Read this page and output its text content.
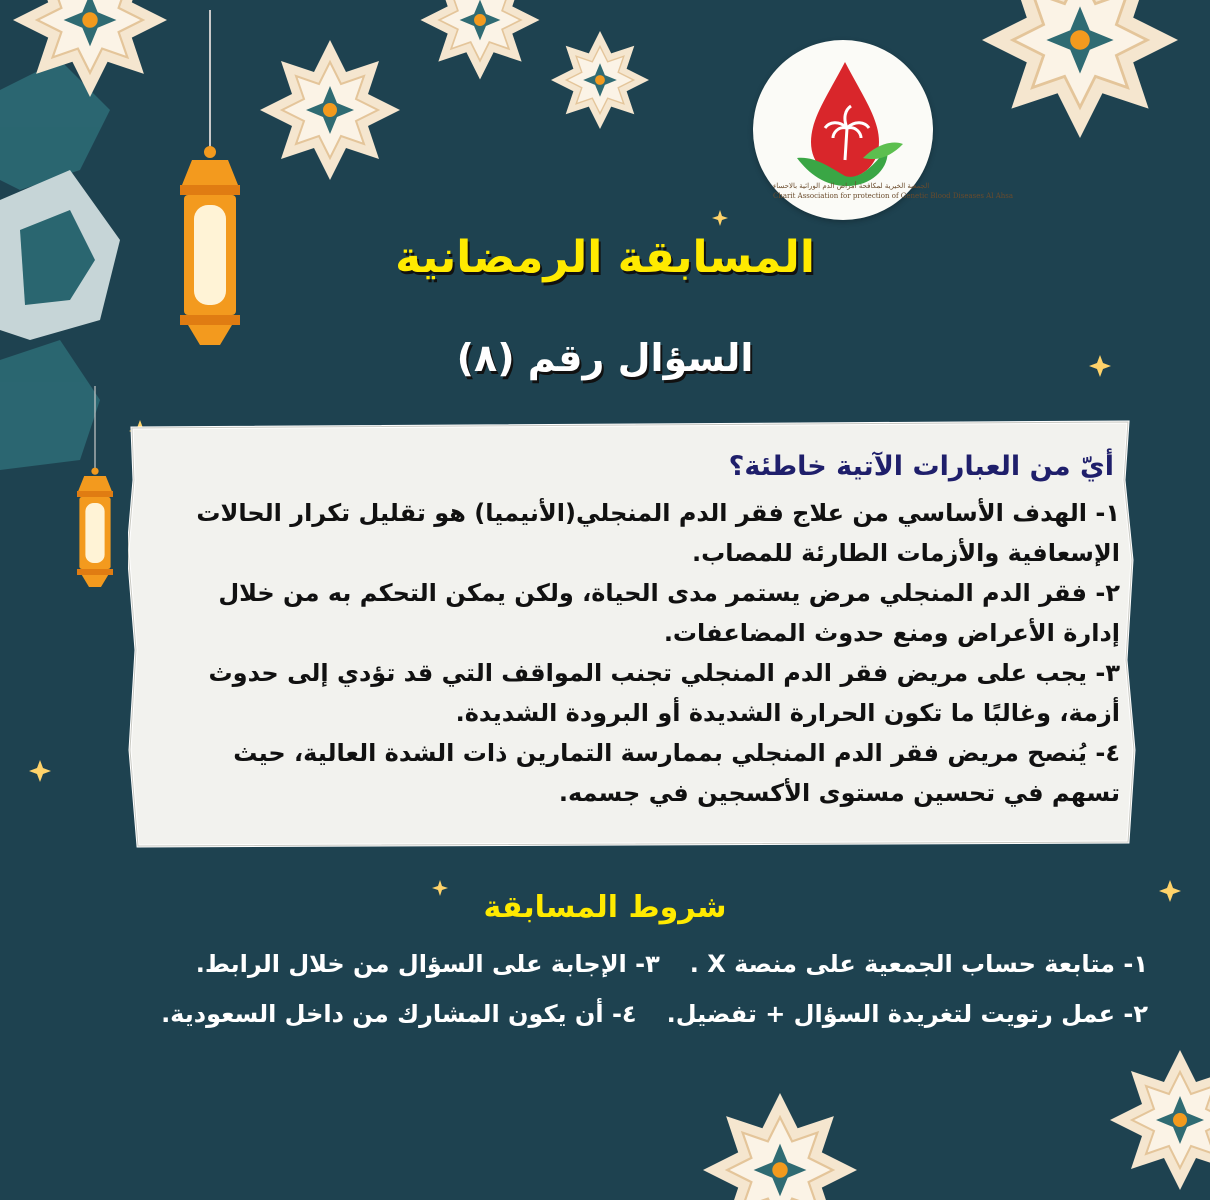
الجمعية الخيرية لمكافحة أمراض الدم الوراثية بالاحساء
Charit Association for protection of Genetic Blood Diseases Al Ahsa
المسابقة الرمضانية
السؤال رقم (٨)
أيّ من العبارات الآتية خاطئة؟
١- الهدف الأساسي من علاج فقر الدم المنجلي(الأنيميا) هو تقليل تكرار الحالات الإسعافية والأزمات الطارئة للمصاب.
٢- فقر الدم المنجلي مرض يستمر مدى الحياة، ولكن يمكن التحكم به من خلال إدارة الأعراض ومنع حدوث المضاعفات.
٣- يجب على مريض فقر الدم المنجلي تجنب المواقف التي قد تؤدي إلى حدوث أزمة، وغالبًا ما تكون الحرارة الشديدة أو البرودة الشديدة.
٤- يُنصح مريض فقر الدم المنجلي بممارسة التمارين ذات الشدة العالية، حيث تسهم في تحسين مستوى الأكسجين في جسمه.
شروط المسابقة
١- متابعة حساب الجمعية على منصة X .
٣- الإجابة على السؤال من خلال الرابط.
٢- عمل رتويت لتغريدة السؤال + تفضيل.
٤- أن يكون المشارك من داخل السعودية.
